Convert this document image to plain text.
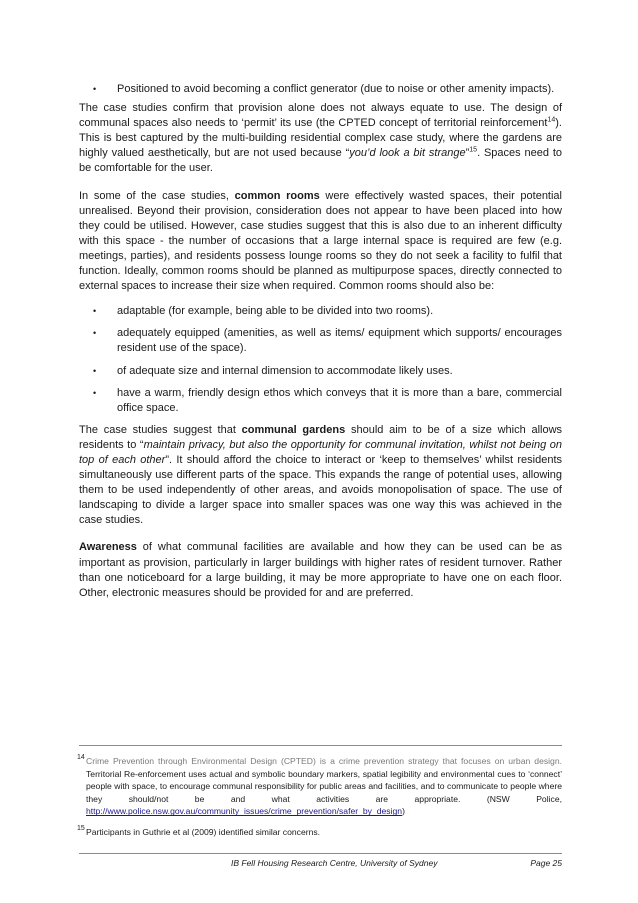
• Positioned to avoid becoming a conflict generator (due to noise or other amenity impacts).

The case studies confirm that provision alone does not always equate to use. The design of communal spaces also needs to ‘permit’ its use (the CPTED concept of territorial reinforcement$^{14}$). This is best captured by the multi-building residential complex case study, where the gardens are highly valued aesthetically, but are not used because “you’d look a bit strange”$^{15}$. Spaces need to be comfortable for the user.

In some of the case studies, common rooms were effectively wasted spaces, their potential unrealised. Beyond their provision, consideration does not appear to have been placed into how they could be utilised. However, case studies suggest that this is also due to an inherent difficulty with this space - the number of occasions that a large internal space is required are few (e.g. meetings, parties), and residents possess lounge rooms so they do not seek a facility to fulfil that function. Ideally, common rooms should be planned as multipurpose spaces, directly connected to external spaces to increase their size when required. Common rooms should also be:

• adaptable (for example, being able to be divided into two rooms).
• adequately equipped (amenities, as well as items/ equipment which supports/ encourages resident use of the space).
• of adequate size and internal dimension to accommodate likely uses.
• have a warm, friendly design ethos which conveys that it is more than a bare, commercial office space.

The case studies suggest that communal gardens should aim to be of a size which allows residents to “maintain privacy, but also the opportunity for communal invitation, whilst not being on top of each other”. It should afford the choice to interact or ‘keep to themselves’ whilst residents simultaneously use different parts of the space. This expands the range of potential uses, allowing them to be used independently of other areas, and avoids monopolisation of space. The use of landscaping to divide a larger space into smaller spaces was one way this was achieved in the case studies.

Awareness of what communal facilities are available and how they can be used can be as important as provision, particularly in larger buildings with higher rates of resident turnover. Rather than one noticeboard for a large building, it may be more appropriate to have one on each floor. Other, electronic measures should be provided for and are preferred.

14 Crime Prevention through Environmental Design (CPTED) is a crime prevention strategy that focuses on urban design. Territorial Re-enforcement uses actual and symbolic boundary markers, spatial legibility and environmental cues to ‘connect’ people with space, to encourage communal responsibility for public areas and facilities, and to communicate to people where they should/not be and what activities are appropriate. (NSW Police, http://www.police.nsw.gov.au/community_issues/crime_prevention/safer_by_design)
15 Participants in Guthrie et al (2009) identified similar concerns.
IB Fell Housing Research Centre, University of Sydney	Page 25
